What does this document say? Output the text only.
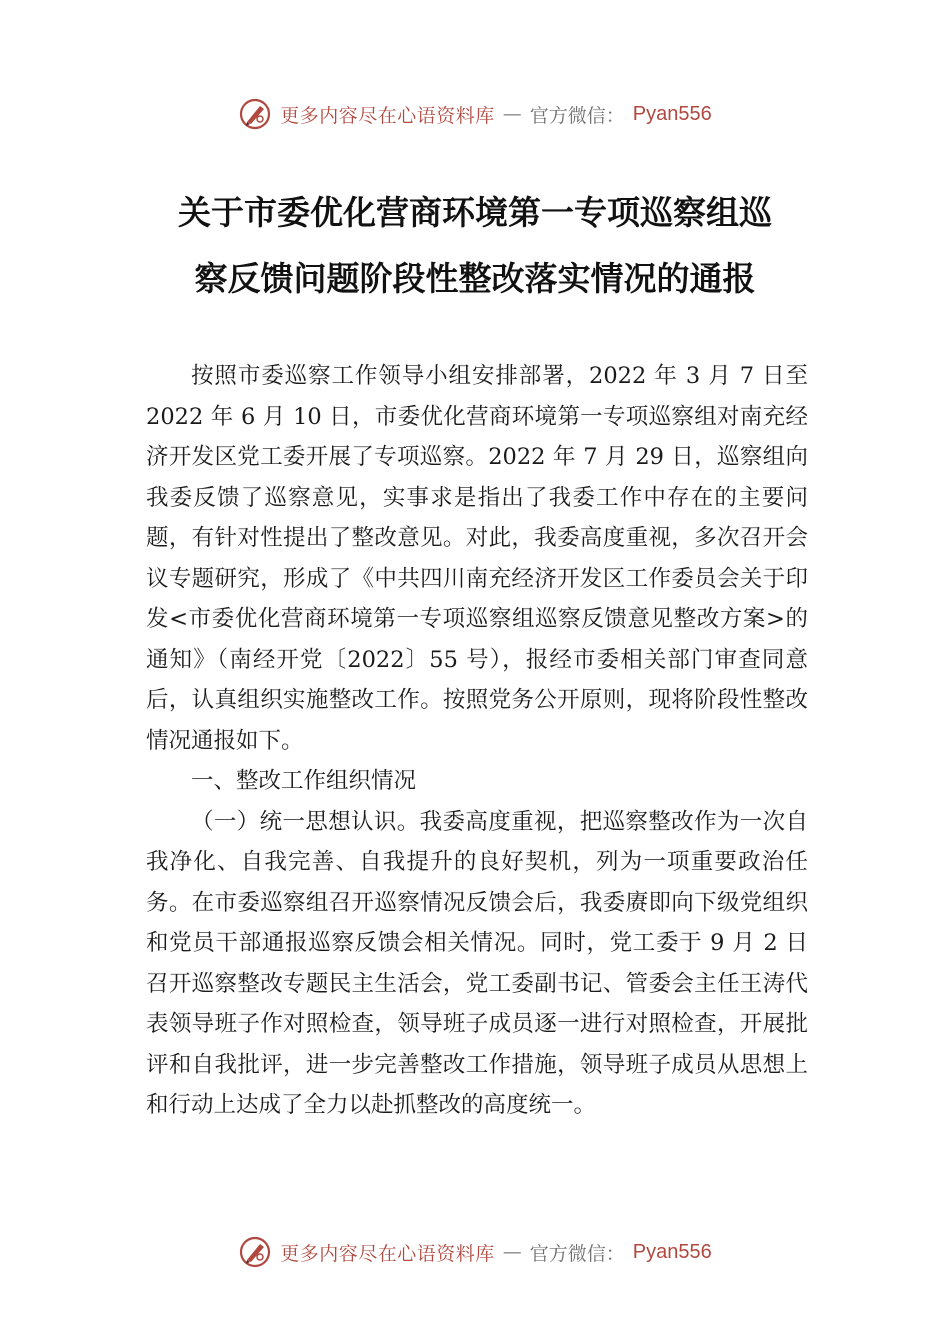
更多内容尽在心语资料库 — 官方微信： Pyan556
关于市委优化营商环境第一专项巡察组巡
察反馈问题阶段性整改落实情况的通报

按照市委巡察工作领导小组安排部署，2022 年 3 月 7 日至 2022 年 6 月 10 日，市委优化营商环境第一专项巡察组对南充经济开发区党工委开展了专项巡察。2022 年 7 月 29 日，巡察组向我委反馈了巡察意见，实事求是指出了我委工作中存在的主要问题，有针对性提出了整改意见。对此，我委高度重视，多次召开会议专题研究，形成了《中共四川南充经济开发区工作委员会关于印发<市委优化营商环境第一专项巡察组巡察反馈意见整改方案>的通知》（南经开党〔2022〕55 号），报经市委相关部门审查同意后，认真组织实施整改工作。按照党务公开原则，现将阶段性整改情况通报如下。

一、整改工作组织情况

（一）统一思想认识。我委高度重视，把巡察整改作为一次自我净化、自我完善、自我提升的良好契机，列为一项重要政治任务。在市委巡察组召开巡察情况反馈会后，我委赓即向下级党组织和党员干部通报巡察反馈会相关情况。同时，党工委于 9 月 2 日召开巡察整改专题民主生活会，党工委副书记、管委会主任王涛代表领导班子作对照检查，领导班子成员逐一进行对照检查，开展批评和自我批评，进一步完善整改工作措施，领导班子成员从思想上和行动上达成了全力以赴抓整改的高度统一。

更多内容尽在心语资料库 — 官方微信： Pyan556
